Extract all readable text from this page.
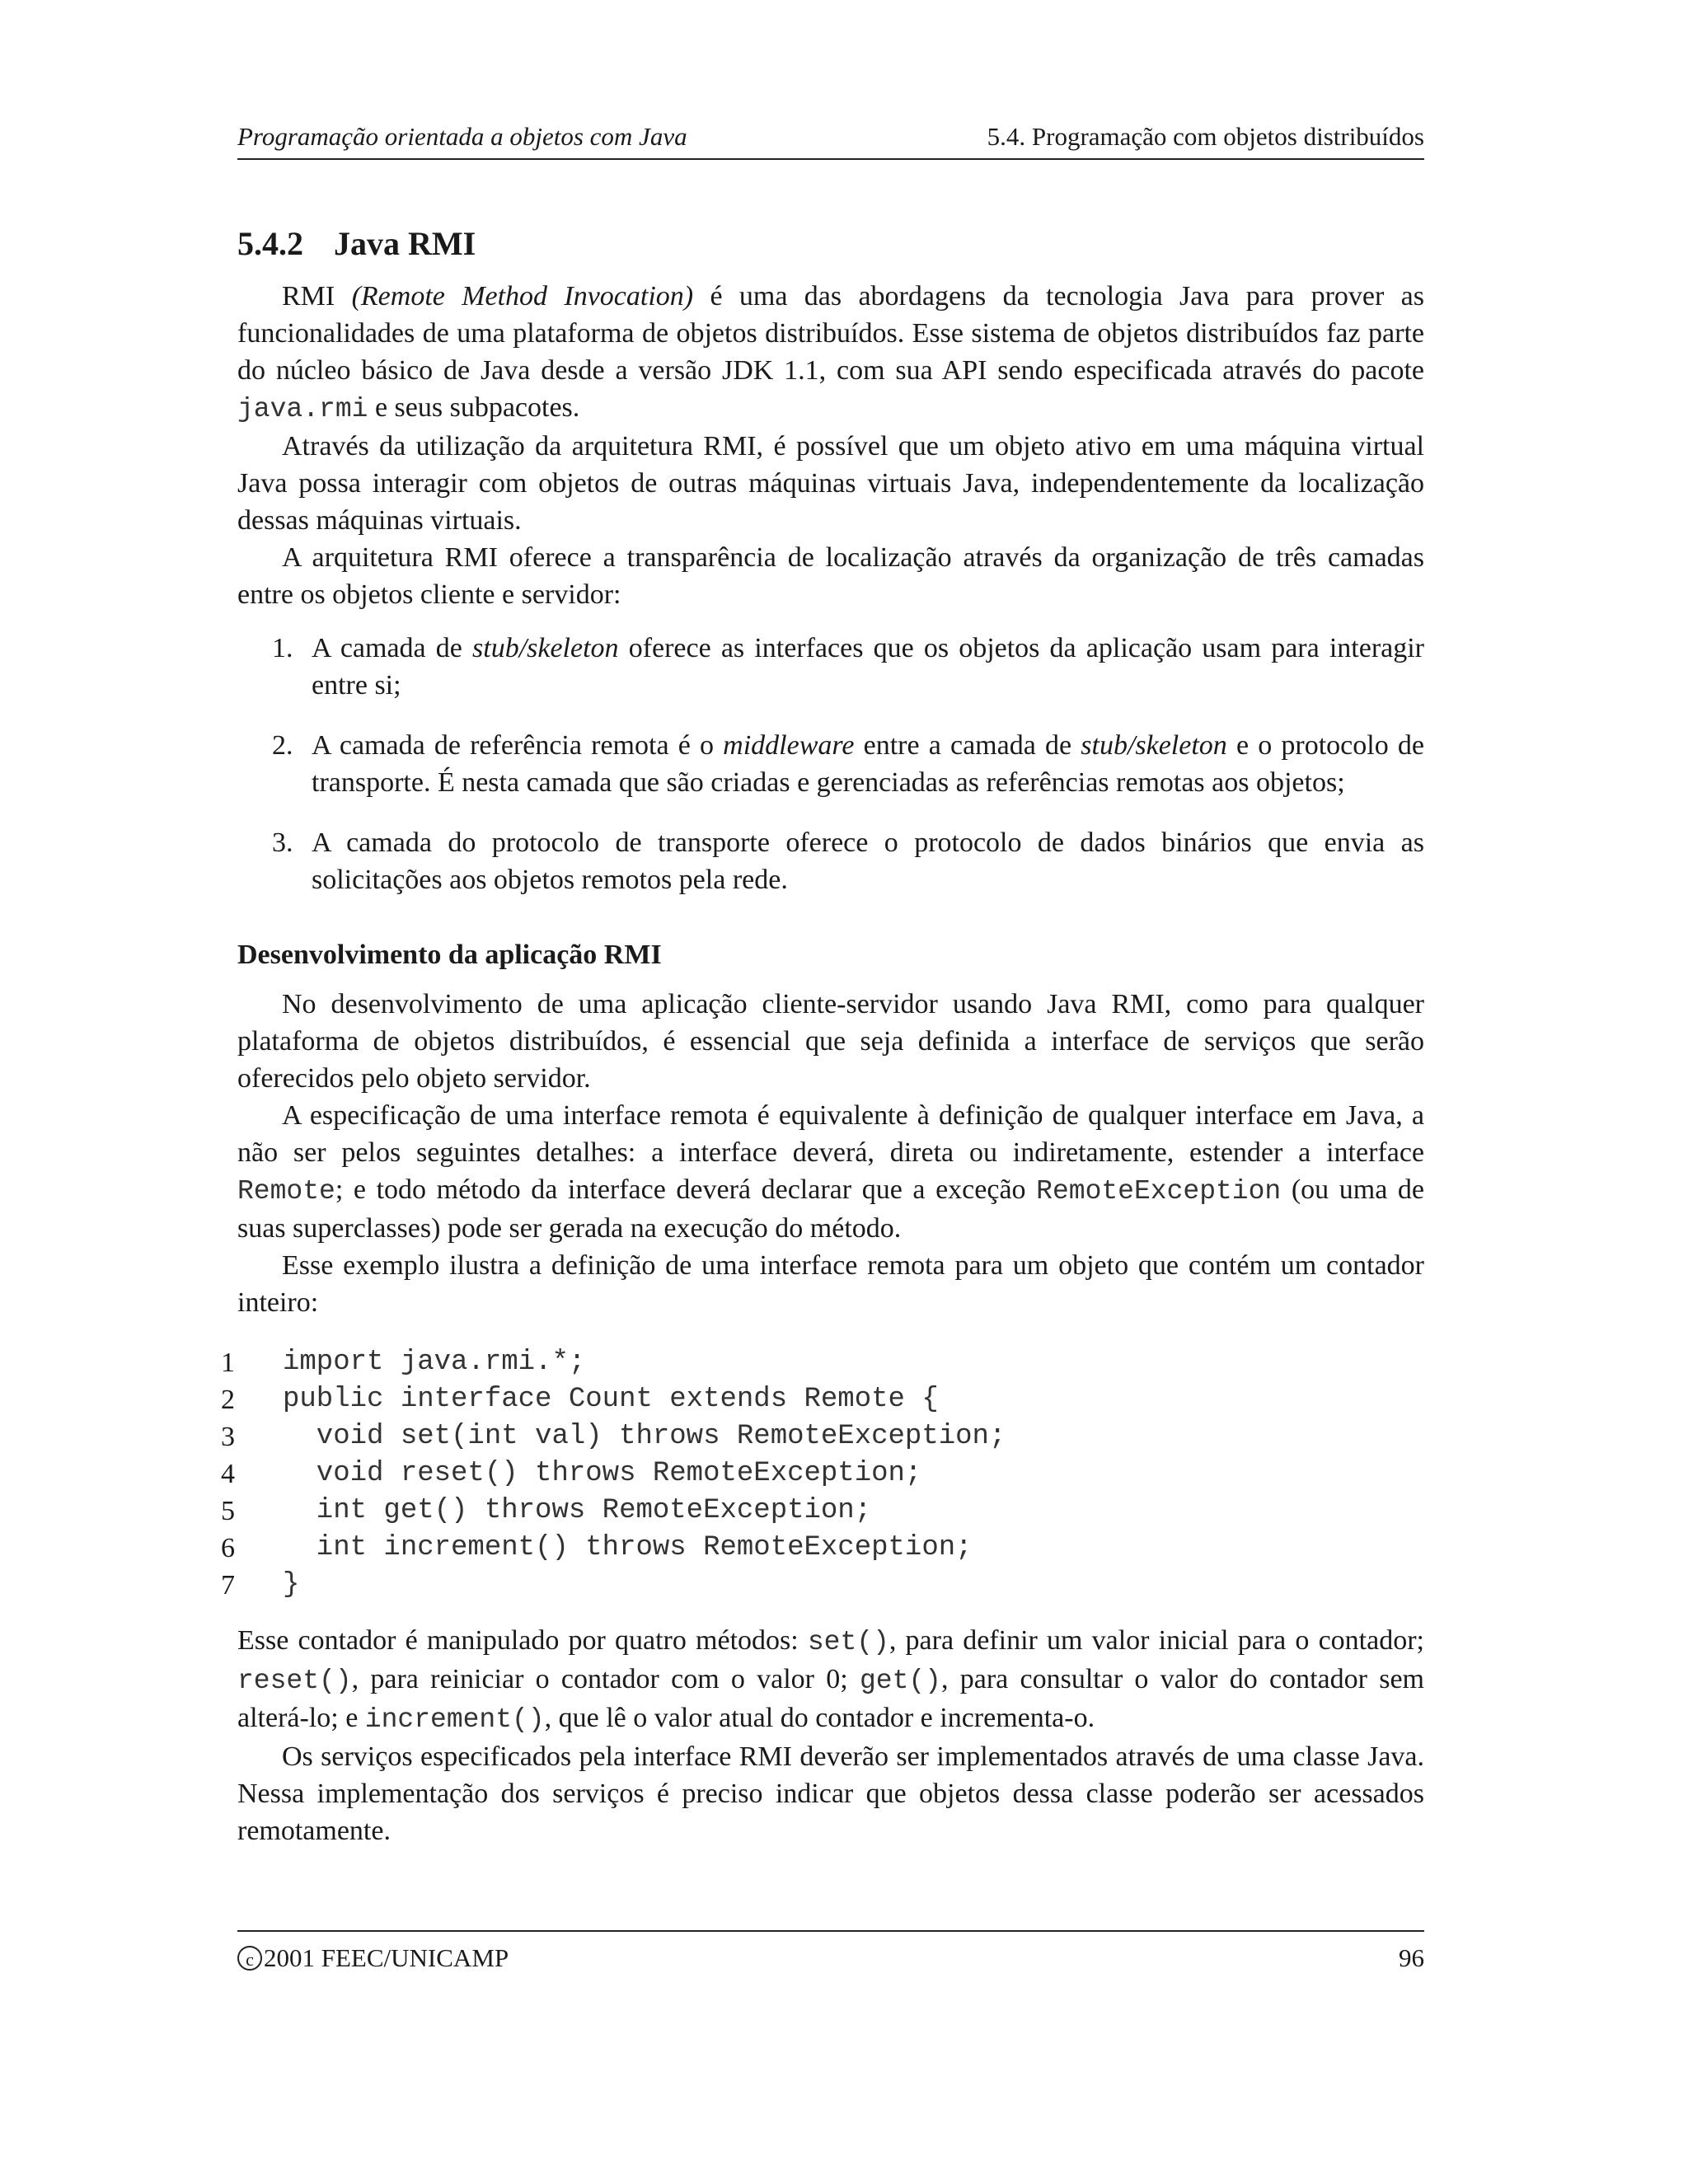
Programação orientada a objetos com Java	5.4. Programação com objetos distribuídos
5.4.2 Java RMI

RMI (Remote Method Invocation) é uma das abordagens da tecnologia Java para prover as funcionalidades de uma plataforma de objetos distribuídos. Esse sistema de objetos distribuídos faz parte do núcleo básico de Java desde a versão JDK 1.1, com sua API sendo especificada através do pacote java.rmi e seus subpacotes.

Através da utilização da arquitetura RMI, é possível que um objeto ativo em uma máquina virtual Java possa interagir com objetos de outras máquinas virtuais Java, independentemente da localização dessas máquinas virtuais.

A arquitetura RMI oferece a transparência de localização através da organização de três camadas entre os objetos cliente e servidor:

1. A camada de stub/skeleton oferece as interfaces que os objetos da aplicação usam para interagir entre si;
2. A camada de referência remota é o middleware entre a camada de stub/skeleton e o protocolo de transporte. É nesta camada que são criadas e gerenciadas as referências remotas aos objetos;
3. A camada do protocolo de transporte oferece o protocolo de dados binários que envia as solicitações aos objetos remotos pela rede.
Desenvolvimento da aplicação RMI

No desenvolvimento de uma aplicação cliente-servidor usando Java RMI, como para qualquer plataforma de objetos distribuídos, é essencial que seja definida a interface de serviços que serão oferecidos pelo objeto servidor.

A especificação de uma interface remota é equivalente à definição de qualquer interface em Java, a não ser pelos seguintes detalhes: a interface deverá, direta ou indiretamente, estender a interface Remote; e todo método da interface deverá declarar que a exceção RemoteException (ou uma de suas superclasses) pode ser gerada na execução do método.

Esse exemplo ilustra a definição de uma interface remota para um objeto que contém um contador inteiro:

1	import java.rmi.*;
2	public interface Count extends Remote {
3	void set(int val) throws RemoteException;
4	void reset() throws RemoteException;
5	int get() throws RemoteException;
6	int increment() throws RemoteException;
7	}

Esse contador é manipulado por quatro métodos: set(), para definir um valor inicial para o contador; reset(), para reiniciar o contador com o valor 0; get(), para consultar o valor do contador sem alterá-lo; e increment(), que lê o valor atual do contador e incrementa-o.

Os serviços especificados pela interface RMI deverão ser implementados através de uma classe Java. Nessa implementação dos serviços é preciso indicar que objetos dessa classe poderão ser acessados remotamente.

c 2001 FEEC/UNICAMP	96
